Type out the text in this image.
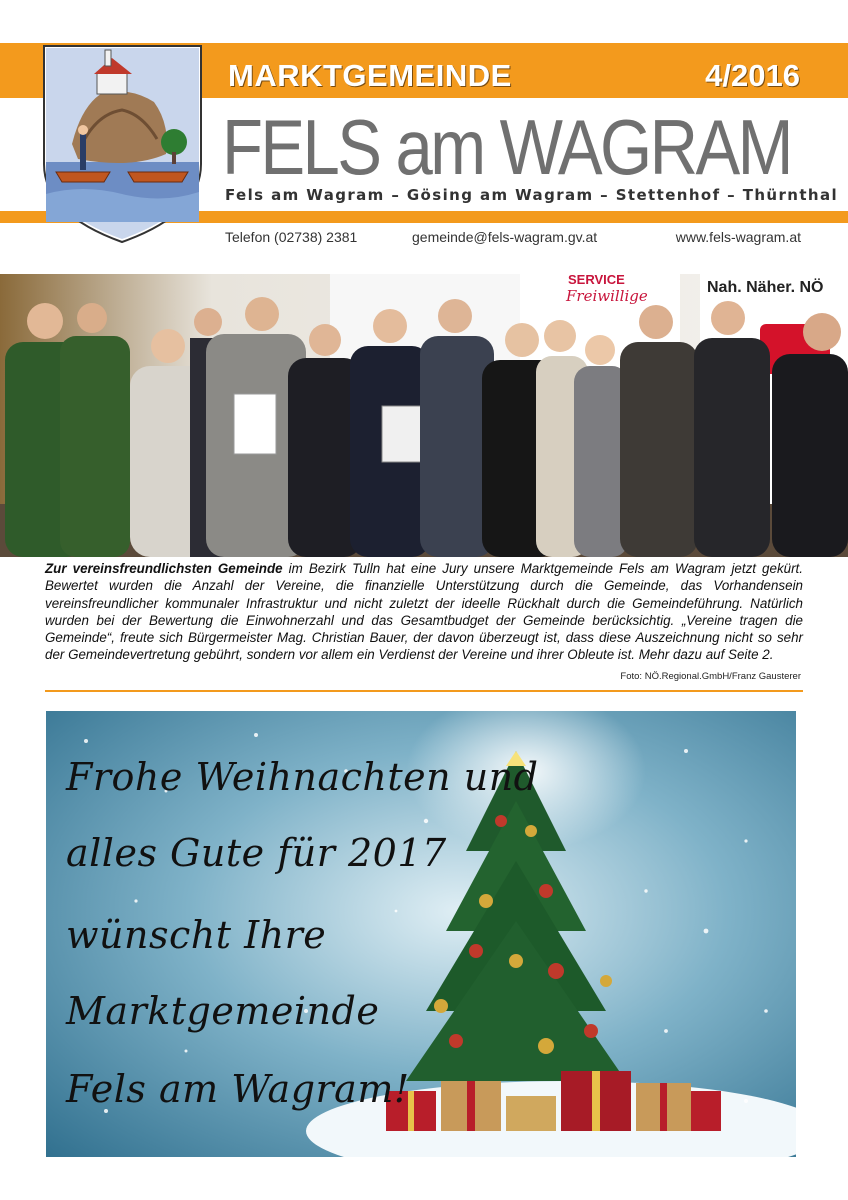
MARKTGEMEINDE	4/2016
FELS am WAGRAM
Fels am Wagram – Gösing am Wagram – Stettenhof – Thürnthal
Telefon (02738) 2381	gemeinde@fels-wagram.gv.at	www.fels-wagram.at
SERVICE
Freiwillige	Nah. Näher. NÖ
Zur vereinsfreundlichsten Gemeinde im Bezirk Tulln hat eine Jury unsere Marktgemeinde Fels am Wagram jetzt gekürt. Bewertet wurden die Anzahl der Vereine, die finanzielle Unterstützung durch die Gemeinde, das Vorhandensein vereinsfreundlicher kommunaler Infrastruktur und nicht zuletzt der ideelle Rückhalt durch die Gemeindeführung. Natürlich wurden bei der Bewertung die Einwohnerzahl und das Gesamtbudget der Gemeinde berücksichtig. „Vereine tragen die Gemeinde“, freute sich Bürgermeister Mag. Christian Bauer, der davon überzeugt ist, dass diese Auszeichnung nicht so sehr der Gemeindevertretung gebührt, sondern vor allem ein Verdienst der Vereine und ihrer Obleute ist. Mehr dazu auf Seite 2.
Foto: NÖ.Regional.GmbH/Franz Gausterer
Frohe Weihnachten und
alles Gute für 2017
wünscht Ihre
Marktgemeinde
Fels am Wagram!
